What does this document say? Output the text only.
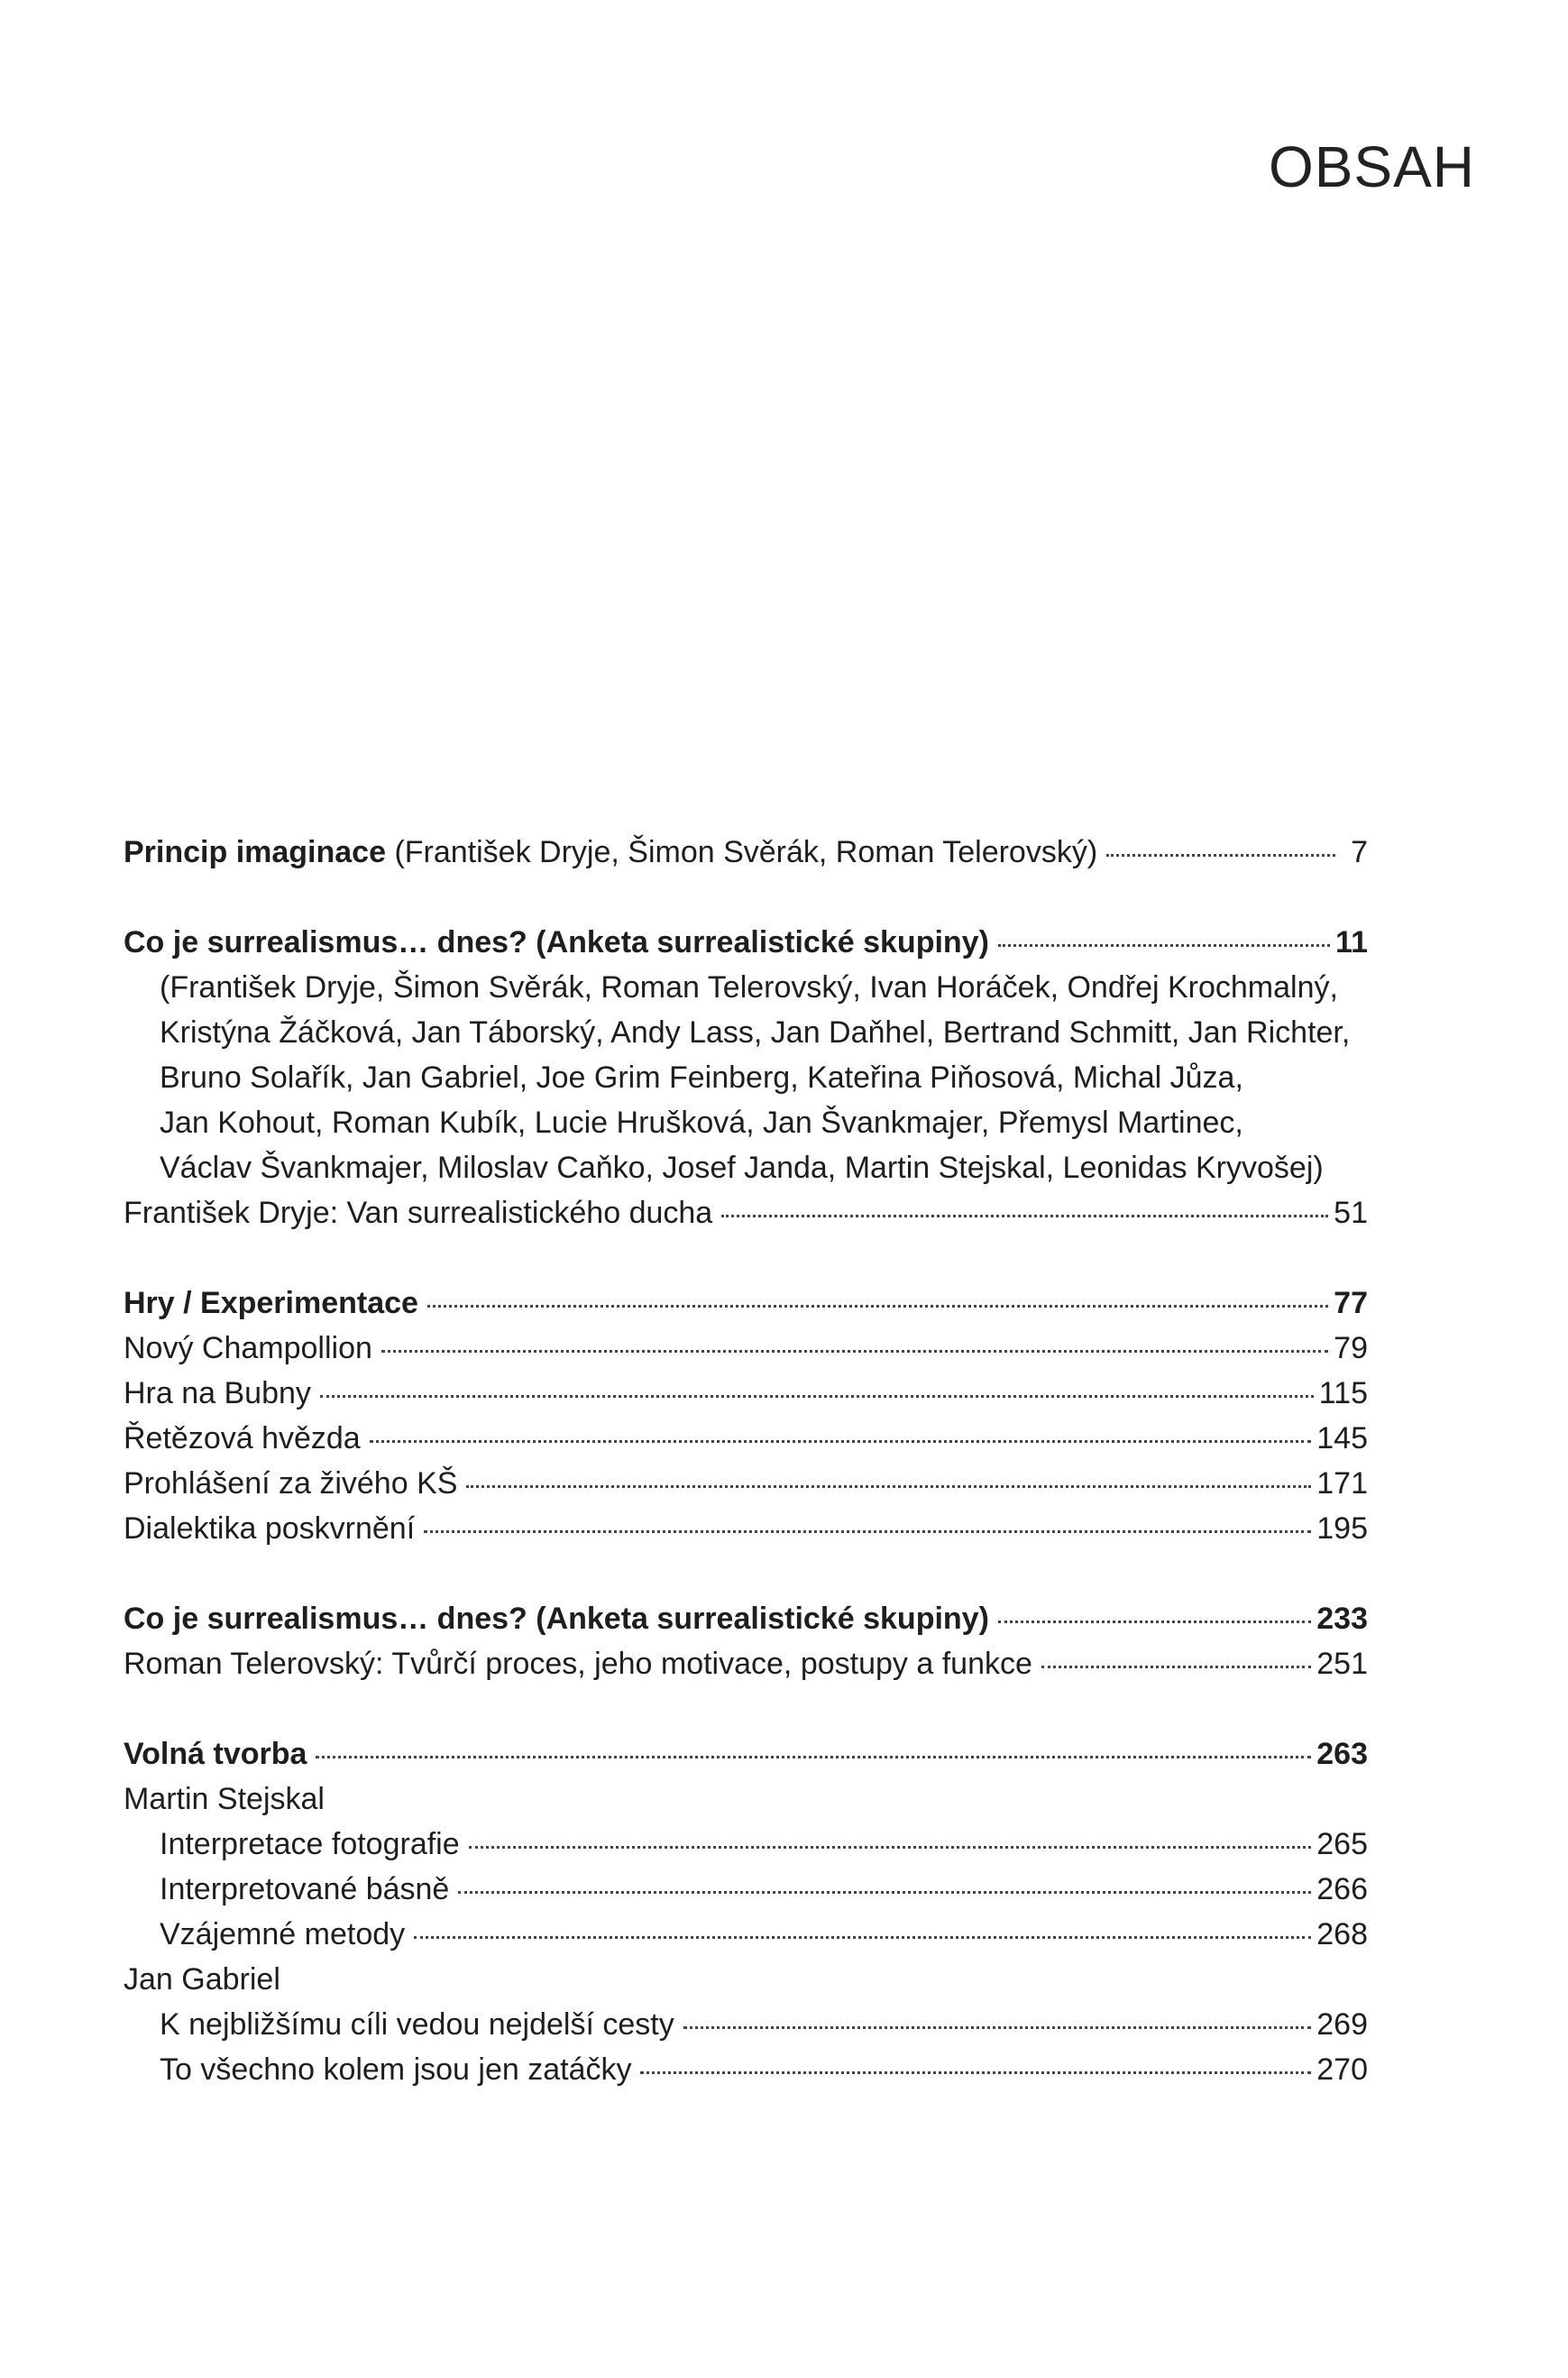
OBSAH
Princip imaginace (František Dryje, Šimon Svěrák, Roman Telerovský)	7
Co je surrealismus… dnes? (Anketa surrealistické skupiny)	11
(František Dryje, Šimon Svěrák, Roman Telerovský, Ivan Horáček, Ondřej Krochmalný,
Kristýna Žáčková, Jan Táborský, Andy Lass, Jan Daňhel, Bertrand Schmitt, Jan Richter,
Bruno Solařík, Jan Gabriel, Joe Grim Feinberg, Kateřina Piňosová, Michal Jůza,
Jan Kohout, Roman Kubík, Lucie Hrušková, Jan Švankmajer, Přemysl Martinec,
Václav Švankmajer, Miloslav Caňko, Josef Janda, Martin Stejskal, Leonidas Kryvošej)
František Dryje: Van surrealistického ducha	51
Hry / Experimentace	77
Nový Champollion	79
Hra na Bubny	115
Řetězová hvězda	145
Prohlášení za živého KŠ	171
Dialektika poskvrnění	195
Co je surrealismus… dnes? (Anketa surrealistické skupiny)	233
Roman Telerovský: Tvůrčí proces, jeho motivace, postupy a funkce	251
Volná tvorba	263
Martin Stejskal
Interpretace fotografie	265
Interpretované básně	266
Vzájemné metody	268
Jan Gabriel
K nejbližšímu cíli vedou nejdelší cesty	269
To všechno kolem jsou jen zatáčky	270
